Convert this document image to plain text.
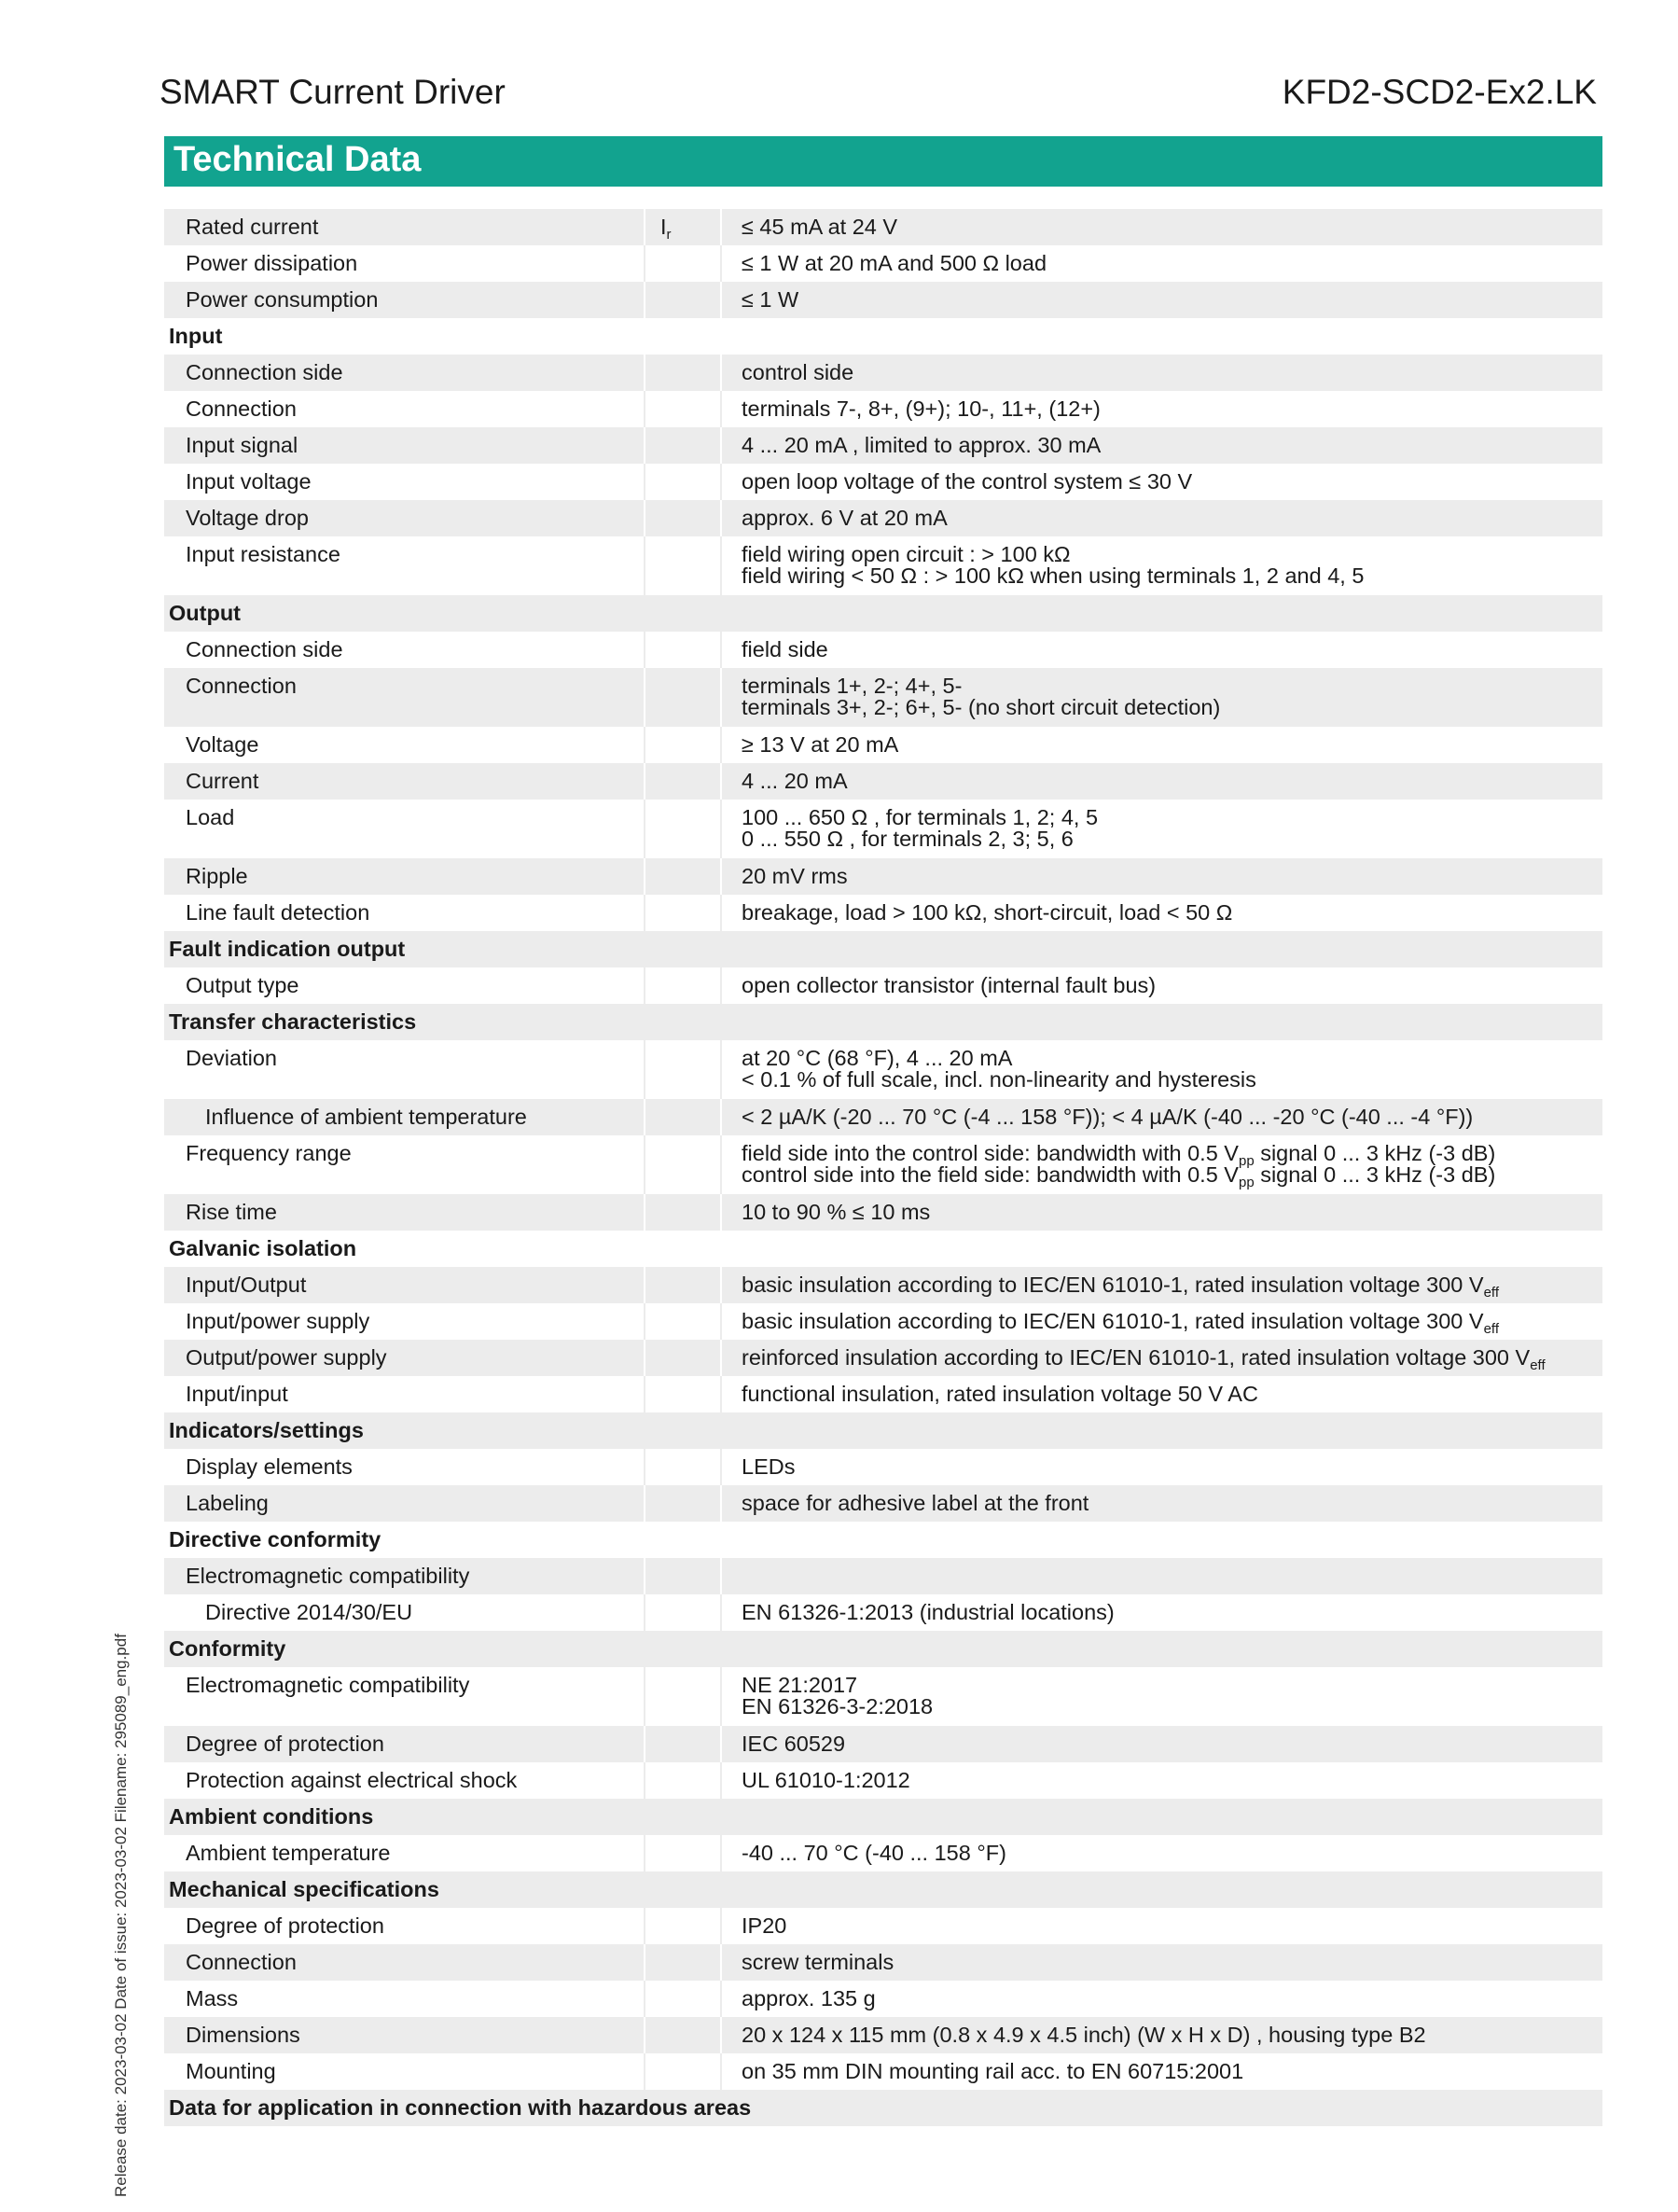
SMART Current Driver	KFD2-SCD2-Ex2.LK
Technical Data
Rated current	$I_r$	≤ 45 mA at 24 V

Power dissipation		≤ 1 W at 20 mA and 500 Ω load

Power consumption		≤ 1 W

Input		
Connection side		control side

Connection		terminals 7-, 8+, (9+); 10-, 11+, (12+)

Input signal		4 ... 20 mA , limited to approx. 30 mA

Input voltage		open loop voltage of the control system ≤ 30 V

Voltage drop		approx. 6 V at 20 mA

Input resistance		field wiring open circuit : > 100 kΩ
field wiring < 50 Ω : > 100 kΩ when using terminals 1, 2 and 4, 5

Output		
Connection side		field side

Connection		terminals 1+, 2-; 4+, 5-
terminals 3+, 2-; 6+, 5- (no short circuit detection)

Voltage		≥ 13 V at 20 mA

Current		4 ... 20 mA

Load		100 ... 650 Ω , for terminals 1, 2; 4, 5
0 ... 550 Ω , for terminals 2, 3; 5, 6

Ripple		20 mV rms

Line fault detection		breakage, load > 100 kΩ, short-circuit, load < 50 Ω

Fault indication output		
Output type		open collector transistor (internal fault bus)

Transfer characteristics		
Deviation		at 20 °C (68 °F), 4 ... 20 mA
< 0.1 % of full scale, incl. non-linearity and hysteresis

Influence of ambient temperature		< 2 µA/K (-20 ... 70 °C (-4 ... 158 °F)); < 4 µA/K (-40 ... -20 °C (-40 ... -4 °F))

Frequency range		field side into the control side: bandwidth with 0.5 $V_{pp}$ signal 0 ... 3 kHz (-3 dB)
control side into the field side: bandwidth with 0.5 $V_{pp}$ signal 0 ... 3 kHz (-3 dB)

Rise time		10 to 90 % ≤ 10 ms

Galvanic isolation		
Input/Output		basic insulation according to IEC/EN 61010-1, rated insulation voltage 300 $V_{eff}$

Input/power supply		basic insulation according to IEC/EN 61010-1, rated insulation voltage 300 $V_{eff}$

Output/power supply		reinforced insulation according to IEC/EN 61010-1, rated insulation voltage 300 $V_{eff}$

Input/input		functional insulation, rated insulation voltage 50 V AC

Indicators/settings		
Display elements		LEDs

Labeling		space for adhesive label at the front

Directive conformity		
Electromagnetic compatibility		

Directive 2014/30/EU		EN 61326-1:2013 (industrial locations)

Conformity		
Electromagnetic compatibility		NE 21:2017
EN 61326-3-2:2018

Degree of protection		IEC 60529

Protection against electrical shock		UL 61010-1:2012

Ambient conditions		
Ambient temperature		-40 ... 70 °C (-40 ... 158 °F)

Mechanical specifications		
Degree of protection		IP20

Connection		screw terminals

Mass		approx. 135 g

Dimensions		20 x 124 x 115 mm (0.8 x 4.9 x 4.5 inch) (W x H x D) , housing type B2

Mounting		on 35 mm DIN mounting rail acc. to EN 60715:2001

Data for application in connection with hazardous areas		
Release date: 2023-03-02 Date of issue: 2023-03-02 Filename: 295089_eng.pdf
